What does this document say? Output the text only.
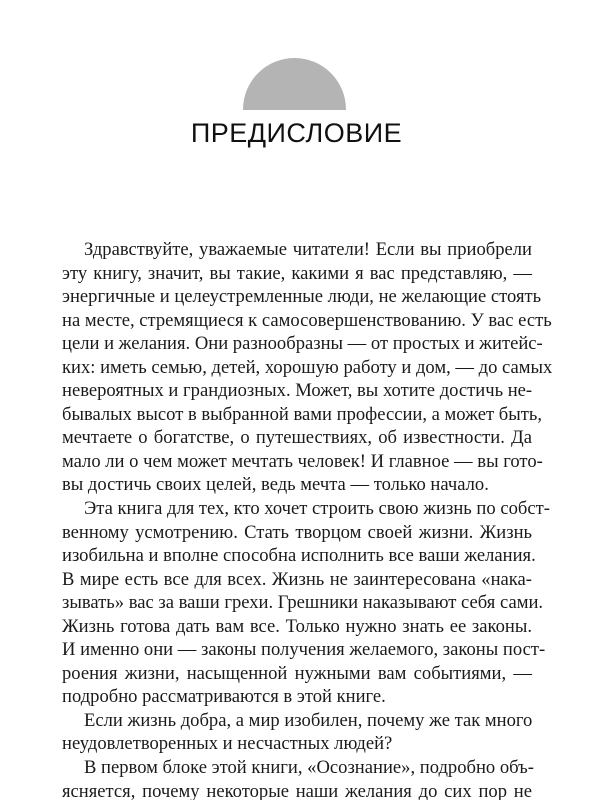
ПРЕДИСЛОВИЕ
Здравствуйте, уважаемые читатели! Если вы приобрели
эту книгу, значит, вы такие, какими я вас представляю, —
энергичные и целеустремленные люди, не желающие стоять
на месте, стремящиеся к самосовершенствованию. У вас есть
цели и желания. Они разнообразны — от простых и житейс-
ких: иметь семью, детей, хорошую работу и дом, — до самых
невероятных и грандиозных. Может, вы хотите достичь не-
бывалых высот в выбранной вами профессии, а может быть,
мечтаете о богатстве, о путешествиях, об известности. Да
мало ли о чем может мечтать человек! И главное — вы гото-
вы достичь своих целей, ведь мечта — только начало.
Эта книга для тех, кто хочет строить свою жизнь по собст-
венному усмотрению. Стать творцом своей жизни. Жизнь
изобильна и вполне способна исполнить все ваши желания.
В мире есть все для всех. Жизнь не заинтересована «нака-
зывать» вас за ваши грехи. Грешники наказывают себя сами.
Жизнь готова дать вам все. Только нужно знать ее законы.
И именно они — законы получения желаемого, законы пост-
роения жизни, насыщенной нужными вам событиями, —
подробно рассматриваются в этой книге.
Если жизнь добра, а мир изобилен, почему же так много
неудовлетворенных и несчастных людей?
В первом блоке этой книги, «Осознание», подробно объ-
ясняется, почему некоторые наши желания до сих пор не
